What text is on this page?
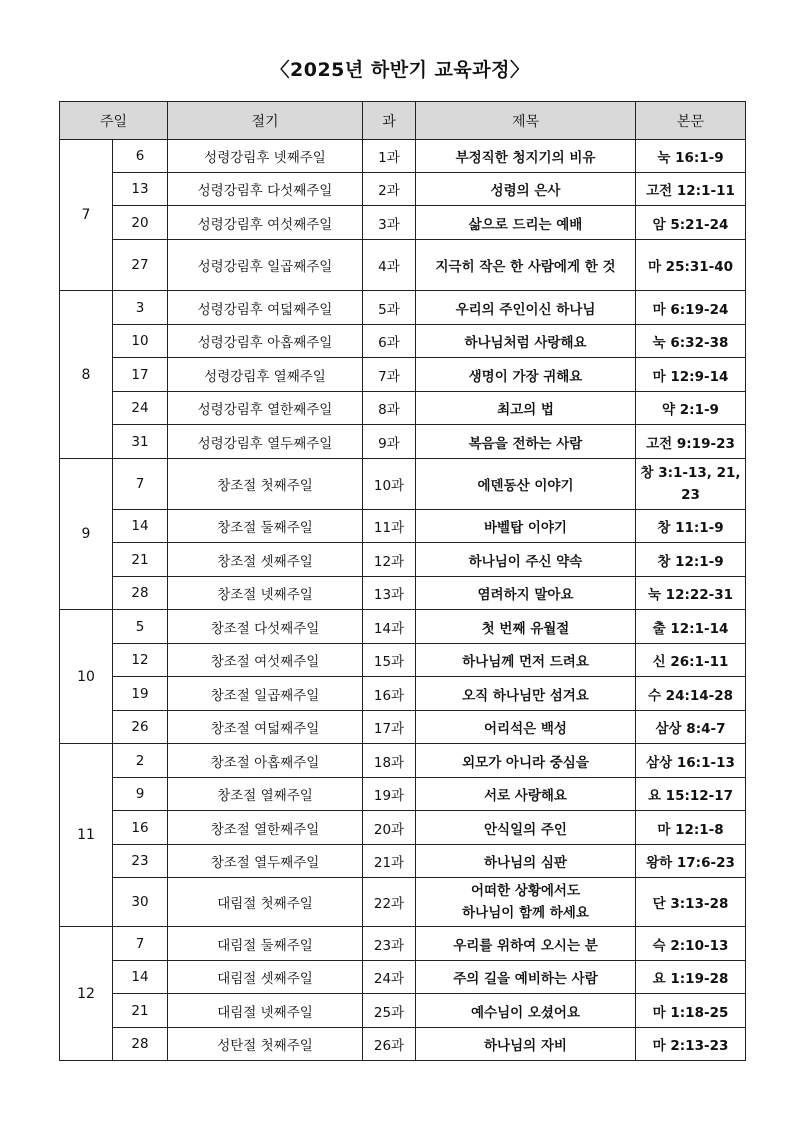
〈2025년 하반기 교육과정〉
주일		절기	과	제목	본문
7	6	성령강림후 넷째주일	1과	부정직한 청지기의 비유	눅 16:1-9
	13	성령강림후 다섯째주일	2과	성령의 은사	고전 12:1-11
	20	성령강림후 여섯째주일	3과	삶으로 드리는 예배	암 5:21-24
	27	성령강림후 일곱째주일	4과	지극히 작은 한 사람에게 한 것	마 25:31-40
8	3	성령강림후 여덟째주일	5과	우리의 주인이신 하나님	마 6:19-24
	10	성령강림후 아홉째주일	6과	하나님처럼 사랑해요	눅 6:32-38
	17	성령강림후 열째주일	7과	생명이 가장 귀해요	마 12:9-14
	24	성령강림후 열한째주일	8과	최고의 법	약 2:1-9
	31	성령강림후 열두째주일	9과	복음을 전하는 사람	고전 9:19-23
9	7	창조절 첫째주일	10과	에덴동산 이야기	창 3:1-13, 21,
23
	14	창조절 둘째주일	11과	바벨탑 이야기	창 11:1-9
	21	창조절 셋째주일	12과	하나님이 주신 약속	창 12:1-9
	28	창조절 넷째주일	13과	염려하지 말아요	눅 12:22-31
10	5	창조절 다섯째주일	14과	첫 번째 유월절	출 12:1-14
	12	창조절 여섯째주일	15과	하나님께 먼저 드려요	신 26:1-11
	19	창조절 일곱째주일	16과	오직 하나님만 섬겨요	수 24:14-28
	26	창조절 여덟째주일	17과	어리석은 백성	삼상 8:4-7
11	2	창조절 아홉째주일	18과	외모가 아니라 중심을	삼상 16:1-13
	9	창조절 열째주일	19과	서로 사랑해요	요 15:12-17
	16	창조절 열한째주일	20과	안식일의 주인	마 12:1-8
	23	창조절 열두째주일	21과	하나님의 심판	왕하 17:6-23
	30	대림절 첫째주일	22과	어떠한 상황에서도
하나님이 함께 하세요	단 3:13-28
12	7	대림절 둘째주일	23과	우리를 위하여 오시는 분	슥 2:10-13
	14	대림절 셋째주일	24과	주의 길을 예비하는 사람	요 1:19-28
	21	대림절 넷째주일	25과	예수님이 오셨어요	마 1:18-25
	28	성탄절 첫째주일	26과	하나님의 자비	마 2:13-23
